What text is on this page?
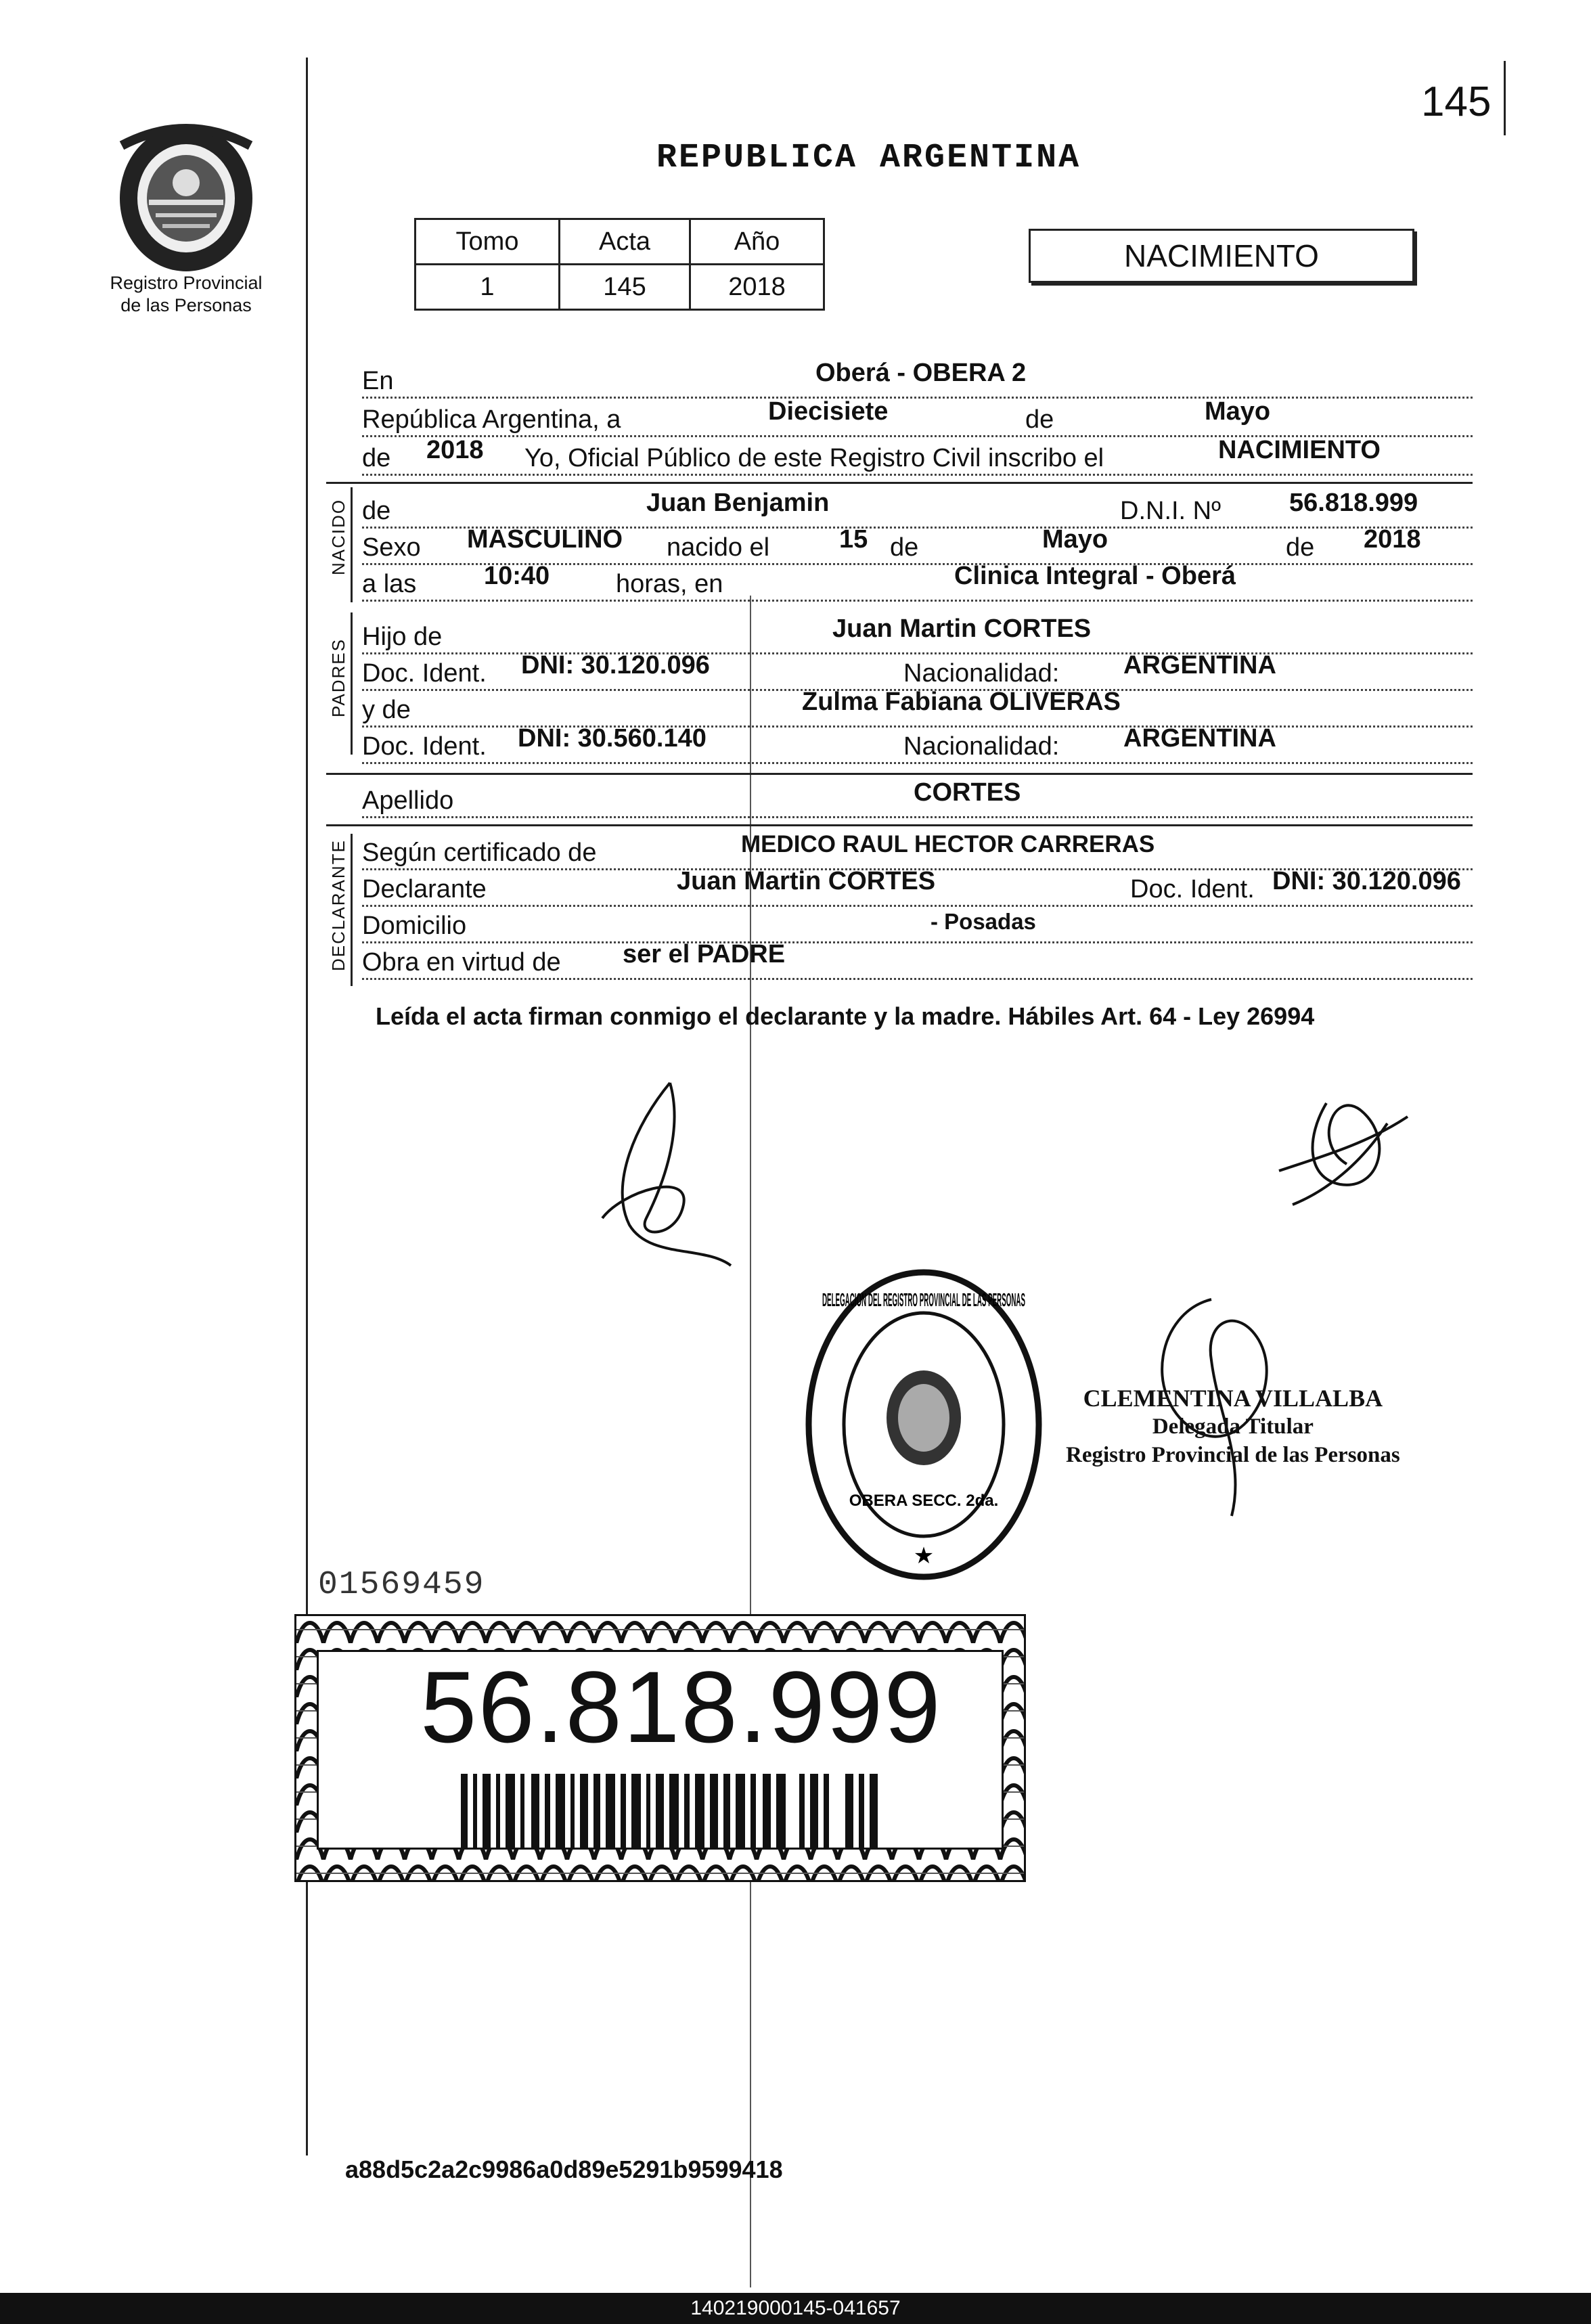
145
REPUBLICA ARGENTINA
Registro Provincial
de las Personas
Tomo	Acta	Año
1	145	2018
NACIMIENTO
En	Oberá - OBERA 2
República Argentina, a	Diecisiete	de	Mayo
de 2018 Yo, Oficial Público de este Registro Civil inscribo el	NACIMIENTO
NACIDO de	Juan Benjamin	D.N.I. Nº	56.818.999
Sexo MASCULINO nacido el	15 de	Mayo	de 2018
a las	10:40	horas, en	Clinica Integral - Oberá
PADRES
Hijo de	Juan Martin CORTES
Doc. Ident. DNI: 30.120.096	Nacionalidad: ARGENTINA
y de	Zulma Fabiana OLIVERAS
Doc. Ident. DNI: 30.560.140	Nacionalidad: ARGENTINA
Apellido	CORTES
DECLARANTE Según certificado de	MEDICO RAUL HECTOR CARRERAS
Declarante	Juan Martin CORTES	Doc. Ident. DNI: 30.120.096
Domicilio	- Posadas
Obra en virtud de ser el PADRE
Leída el acta firman conmigo el declarante y la madre. Hábiles Art. 64 - Ley 26994
DELEGACION DEL REGISTRO PROVINCIAL DE LAS PERSONAS
OBERA SECC. 2da.
★
CLEMENTINA VILLALBA
Delegada Titular
Registro Provincial de las Personas
01569459
56.818.999
a88d5c2a2c9986a0d89e5291b9599418
140219000145-041657
